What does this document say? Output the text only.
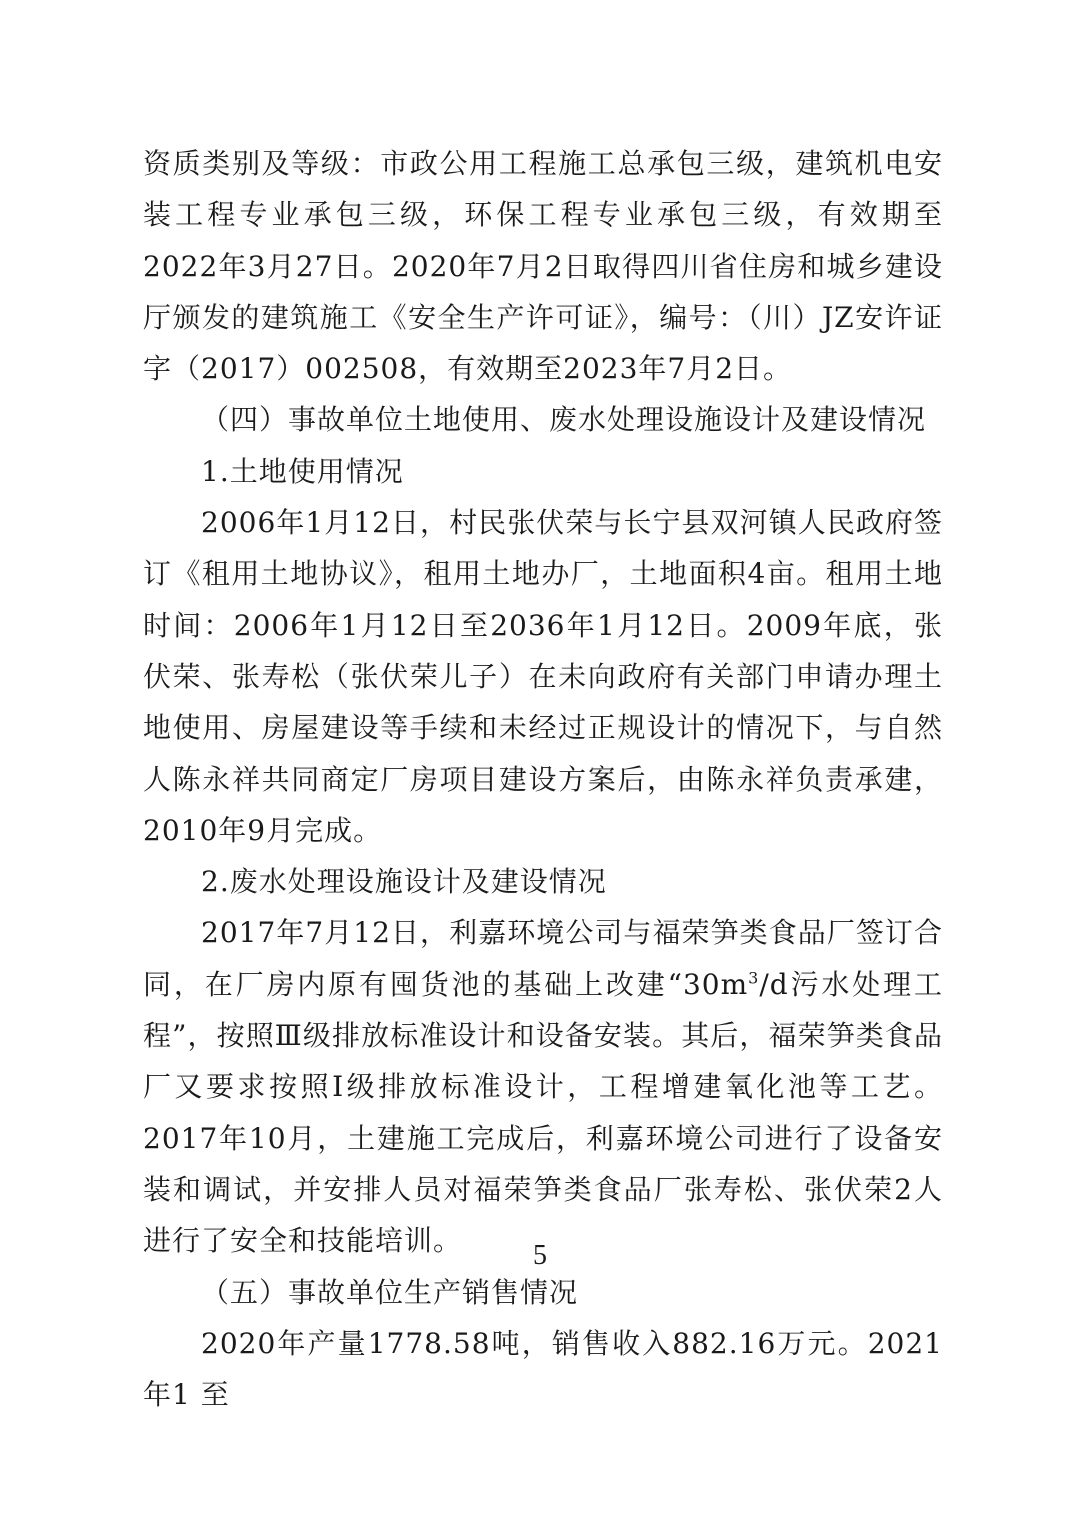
资质类别及等级：市政公用工程施工总承包三级，建筑机电安装工程专业承包三级，环保工程专业承包三级，有效期至2022年3月27日。2020年7月2日取得四川省住房和城乡建设厅颁发的建筑施工《安全生产许可证》，编号：（川）JZ安许证字（2017）002508，有效期至2023年7月2日。

（四）事故单位土地使用、废水处理设施设计及建设情况

1.土地使用情况

2006年1月12日，村民张伏荣与长宁县双河镇人民政府签订《租用土地协议》，租用土地办厂，土地面积4亩。租用土地时间：2006年1月12日至2036年1月12日。2009年底，张伏荣、张寿松（张伏荣儿子）在未向政府有关部门申请办理土地使用、房屋建设等手续和未经过正规设计的情况下，与自然人陈永祥共同商定厂房项目建设方案后，由陈永祥负责承建，2010年9月完成。

2.废水处理设施设计及建设情况

2017年7月12日，利嘉环境公司与福荣笋类食品厂签订合同，在厂房内原有囤货池的基础上改建“$30m^3/d$污水处理工程”，按照Ⅲ级排放标准设计和设备安装。其后，福荣笋类食品厂又要求按照Ⅰ级排放标准设计，工程增建氧化池等工艺。2017年10月，土建施工完成后，利嘉环境公司进行了设备安装和调试，并安排人员对福荣笋类食品厂张寿松、张伏荣2人进行了安全和技能培训。

（五）事故单位生产销售情况

2020年产量1778.58吨，销售收入882.16万元。2021年1 至

5
